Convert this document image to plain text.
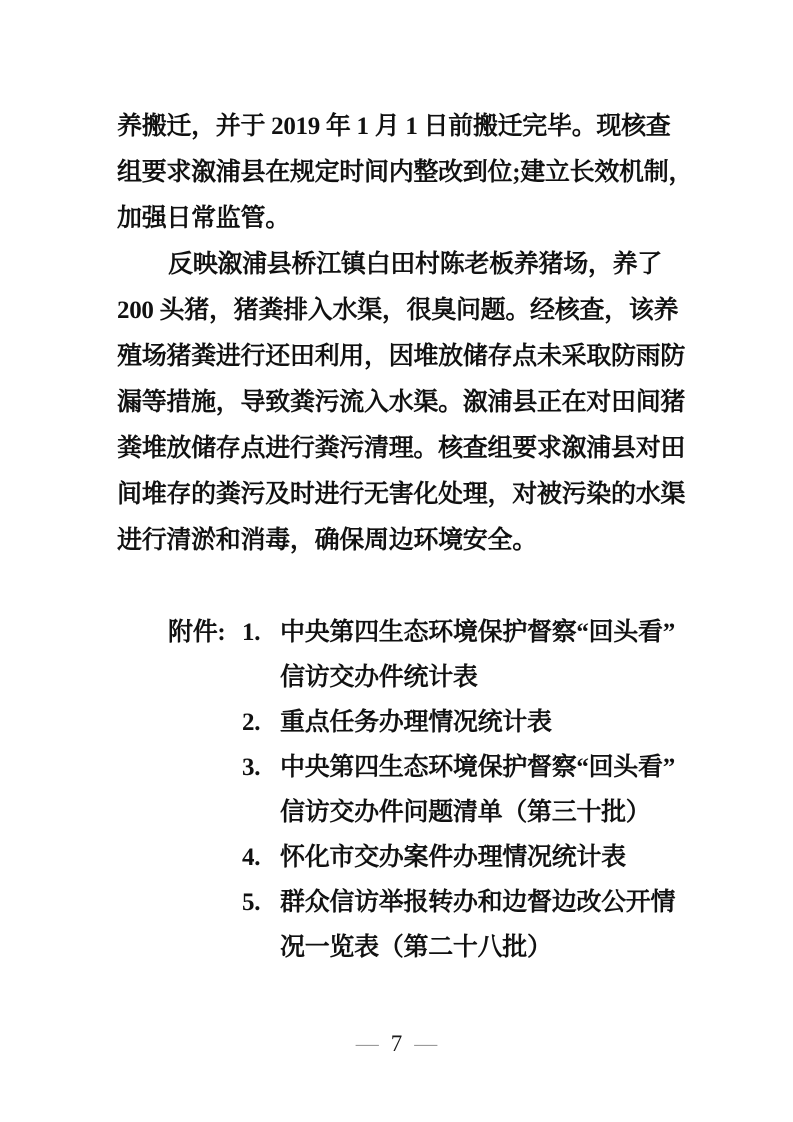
养搬迁，并于 2019 年 1 月 1 日前搬迁完毕。现核查
组要求溆浦县在规定时间内整改到位;建立长效机制，
加强日常监管。
反映溆浦县桥江镇白田村陈老板养猪场，养了
200 头猪，猪粪排入水渠，很臭问题。经核查，该养
殖场猪粪进行还田利用，因堆放储存点未采取防雨防
漏等措施，导致粪污流入水渠。溆浦县正在对田间猪
粪堆放储存点进行粪污清理。核查组要求溆浦县对田
间堆存的粪污及时进行无害化处理，对被污染的水渠
进行清淤和消毒，确保周边环境安全。
附件: 1. 中央第四生态环境保护督察“回头看”
信访交办件统计表
2. 重点任务办理情况统计表
3. 中央第四生态环境保护督察“回头看”
信访交办件问题清单（第三十批）
4. 怀化市交办案件办理情况统计表
5. 群众信访举报转办和边督边改公开情
况一览表（第二十八批）
— 7 —
